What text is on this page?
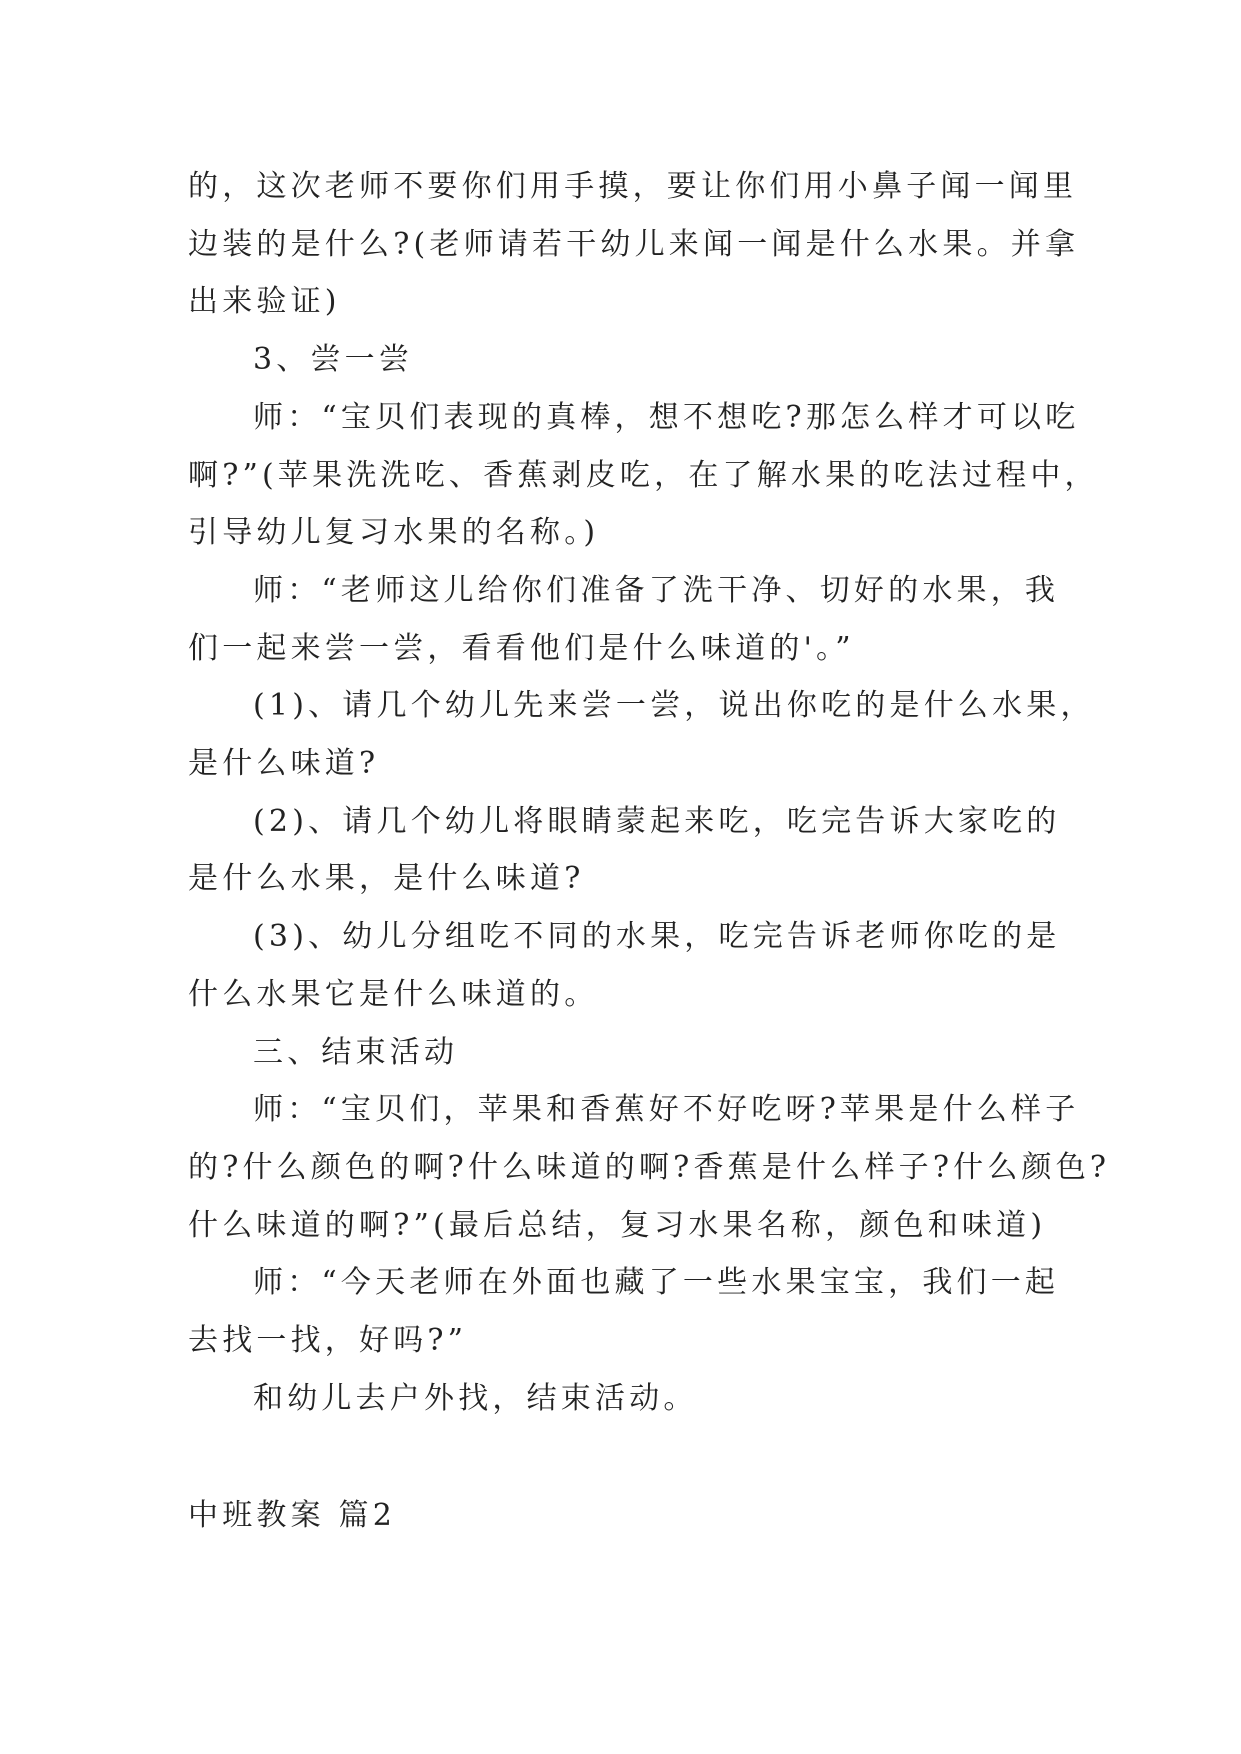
的，这次老师不要你们用手摸，要让你们用小鼻子闻一闻里
边装的是什么?(老师请若干幼儿来闻一闻是什么水果。并拿
出来验证)
3、尝一尝
师：“宝贝们表现的真棒，想不想吃?那怎么样才可以吃
啊?”(苹果洗洗吃、香蕉剥皮吃，在了解水果的吃法过程中，
引导幼儿复习水果的名称。)
师：“老师这儿给你们准备了洗干净、切好的水果，我
们一起来尝一尝，看看他们是什么味道的'。”
(1)、请几个幼儿先来尝一尝，说出你吃的是什么水果，
是什么味道?
(2)、请几个幼儿将眼睛蒙起来吃，吃完告诉大家吃的
是什么水果，是什么味道?
(3)、幼儿分组吃不同的水果，吃完告诉老师你吃的是
什么水果它是什么味道的。
三、结束活动
师：“宝贝们，苹果和香蕉好不好吃呀?苹果是什么样子
的?什么颜色的啊?什么味道的啊?香蕉是什么样子?什么颜色?
什么味道的啊?”(最后总结，复习水果名称，颜色和味道)
师：“今天老师在外面也藏了一些水果宝宝，我们一起
去找一找，好吗?”
和幼儿去户外找，结束活动。
中班教案 篇2
